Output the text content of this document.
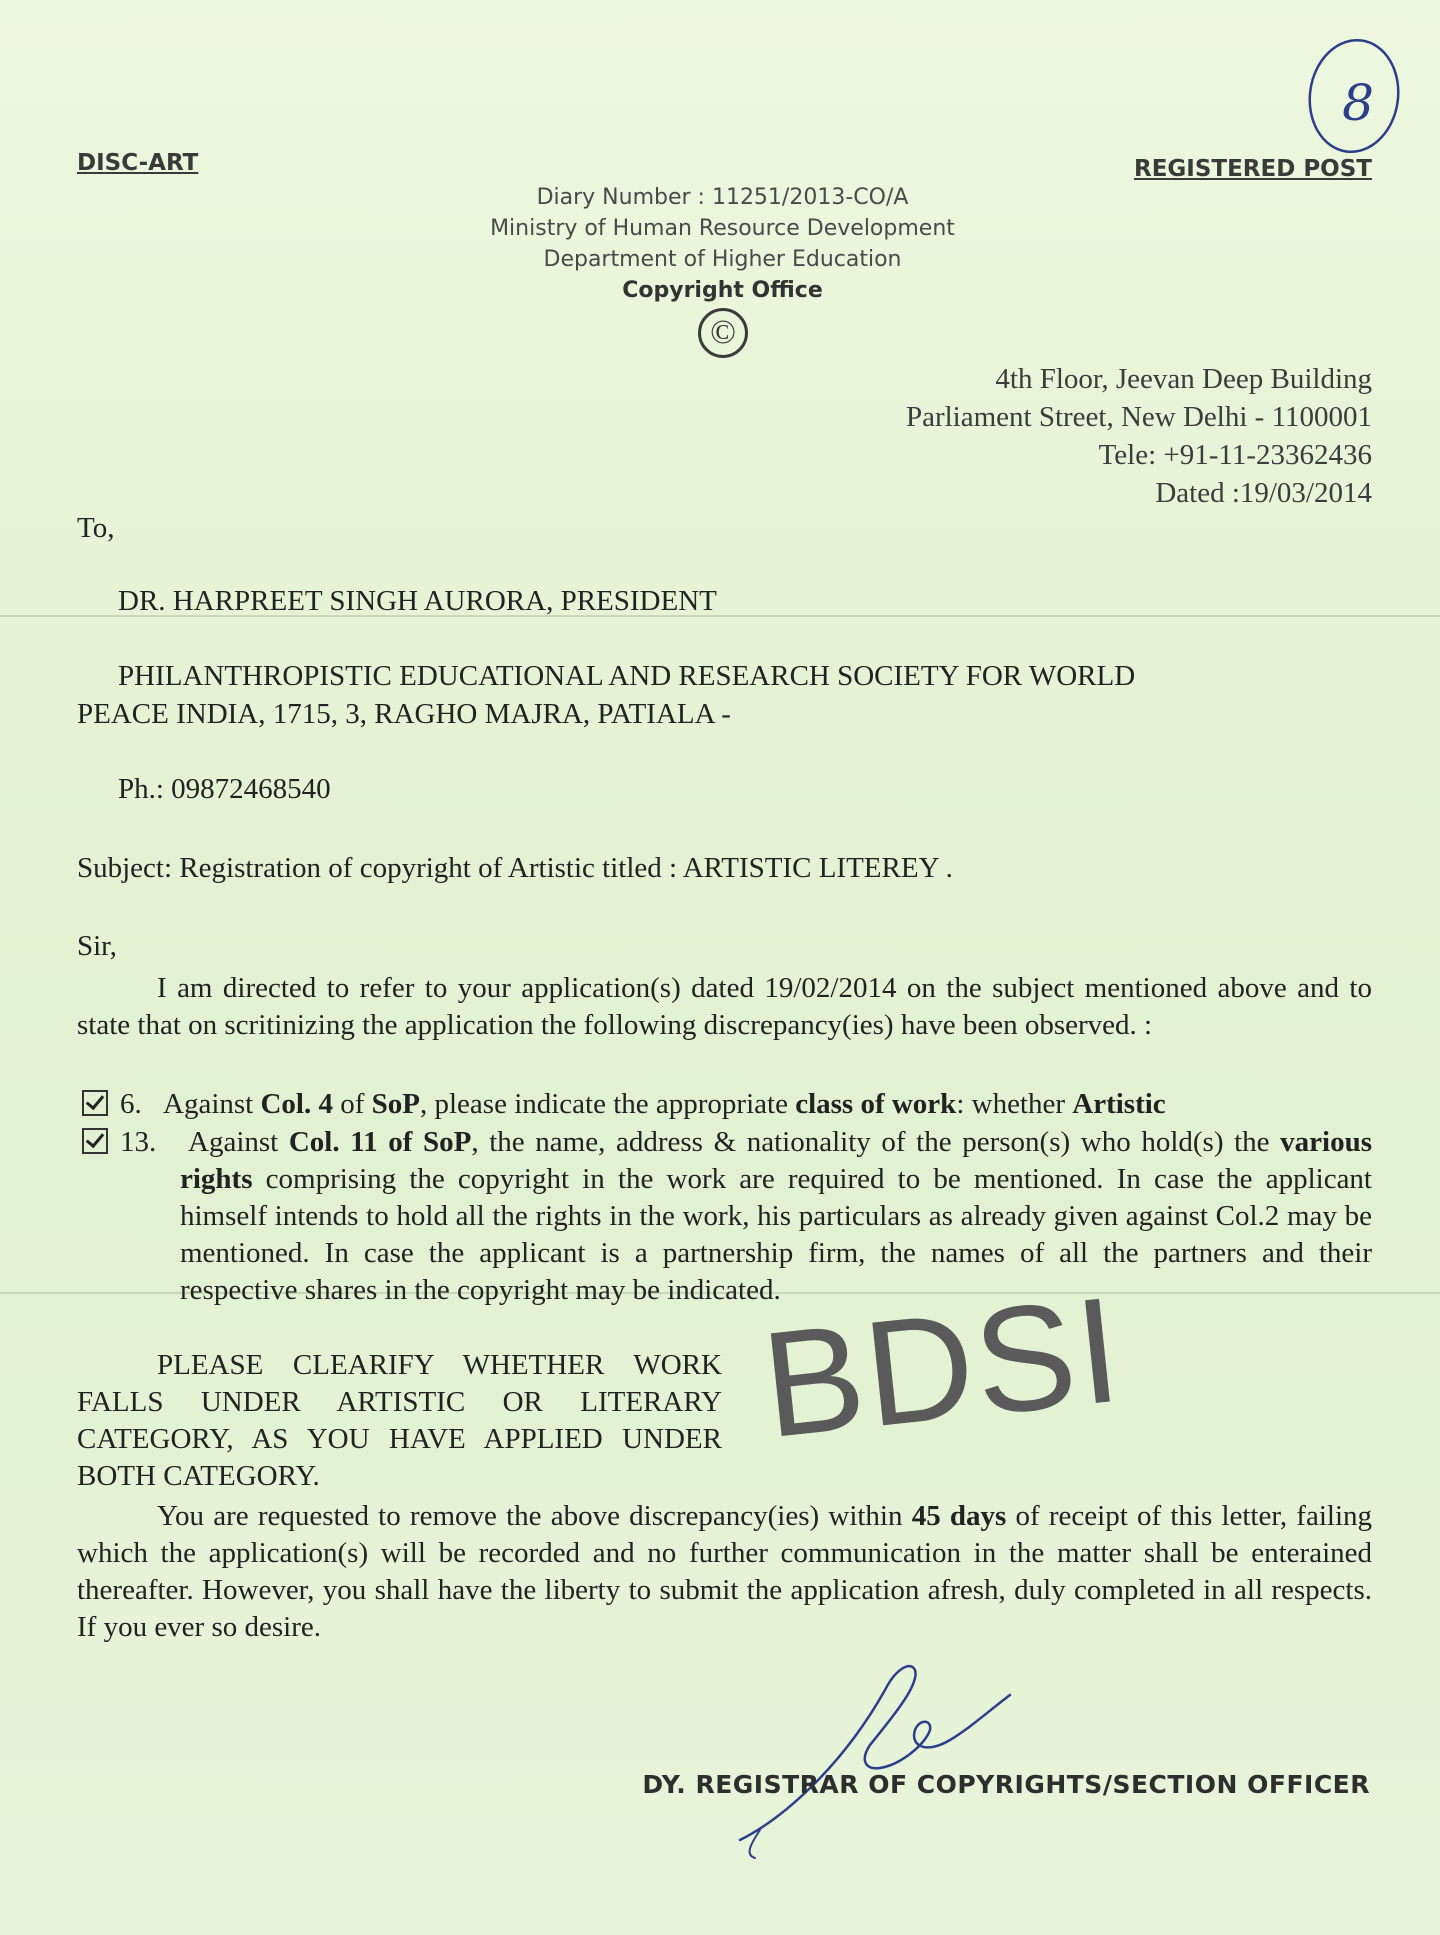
8
DISC-ART	REGISTERED POST
Diary Number : 11251/2013-CO/A
Ministry of Human Resource Development
Department of Higher Education
Copyright Office
©
4th Floor, Jeevan Deep Building
Parliament Street, New Delhi - 1100001
Tele: +91-11-23362436
Dated :19/03/2014
To,
DR. HARPREET SINGH AURORA, PRESIDENT
PHILANTHROPISTIC EDUCATIONAL AND RESEARCH SOCIETY FOR WORLD
PEACE INDIA, 1715, 3, RAGHO MAJRA, PATIALA -
Ph.: 09872468540
Subject: Registration of copyright of Artistic titled : ARTISTIC LITEREY .
Sir,
I am directed to refer to your application(s) dated 19/02/2014 on the subject mentioned above and to state that on scritinizing the application the following discrepancy(ies) have been observed. :
6. Against Col. 4 of SoP, please indicate the appropriate class of work: whether Artistic
13. Against Col. 11 of SoP, the name, address & nationality of the person(s) who hold(s) the various rights comprising the copyright in the work are required to be mentioned. In case the applicant himself intends to hold all the rights in the work, his particulars as already given against Col.2 may be mentioned. In case the applicant is a partnership firm, the names of all the partners and their respective shares in the copyright may be indicated.
PLEASE CLEARIFY WHETHER WORK FALLS UNDER ARTISTIC OR LITERARY CATEGORY, AS YOU HAVE APPLIED UNDER BOTH CATEGORY.
BDSI
You are requested to remove the above discrepancy(ies) within 45 days of receipt of this letter, failing which the application(s) will be recorded and no further communication in the matter shall be enterained thereafter. However, you shall have the liberty to submit the application afresh, duly completed in all respects. If you ever so desire.
DY. REGISTRAR OF COPYRIGHTS/SECTION OFFICER
